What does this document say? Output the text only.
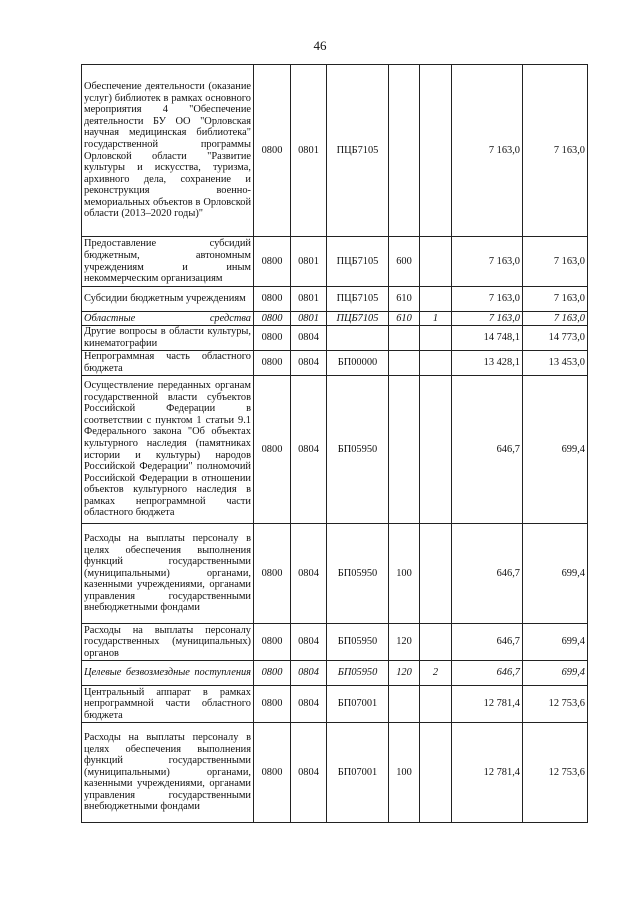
46
Обеспечение деятельности (оказание услуг) библиотек в рамках основного мероприятия 4 "Обеспечение деятельности БУ ОО "Орловская научная медицинская библиотека" государственной программы Орловской области "Развитие культуры и искусства, туризма, архивного дела, сохранение и реконструкция военно-мемориальных объектов в Орловской области (2013–2020 годы)"	0800	0801	ПЦБ7105			7 163,0	7 163,0
Предоставление субсидий бюджетным, автономным учреждениям и иным некоммерческим организациям	0800	0801	ПЦБ7105	600		7 163,0	7 163,0
Субсидии бюджетным учреждениям	0800	0801	ПЦБ7105	610		7 163,0	7 163,0
Областные средства	0800	0801	ПЦБ7105	610	1	7 163,0	7 163,0
Другие вопросы в области культуры, кинематографии	0800	0804				14 748,1	14 773,0
Непрограммная часть областного бюджета	0800	0804	БП00000			13 428,1	13 453,0
Осуществление переданных органам государственной власти субъектов Российской Федерации в соответствии с пунктом 1 статьи 9.1 Федерального закона "Об объектах культурного наследия (памятниках истории и культуры) народов Российской Федерации" полномочий Российской Федерации в отношении объектов культурного наследия в рамках непрограммной части областного бюджета	0800	0804	БП05950			646,7	699,4
Расходы на выплаты персоналу в целях обеспечения выполнения функций государственными (муниципальными) органами, казенными учреждениями, органами управления государственными внебюджетными фондами	0800	0804	БП05950	100		646,7	699,4
Расходы на выплаты персоналу государственных (муниципальных) органов	0800	0804	БП05950	120		646,7	699,4
Целевые безвозмездные поступления	0800	0804	БП05950	120	2	646,7	699,4
Центральный аппарат в рамках непрограммной части областного бюджета	0800	0804	БП07001			12 781,4	12 753,6
Расходы на выплаты персоналу в целях обеспечения выполнения функций государственными (муниципальными) органами, казенными учреждениями, органами управления государственными внебюджетными фондами	0800	0804	БП07001	100		12 781,4	12 753,6
